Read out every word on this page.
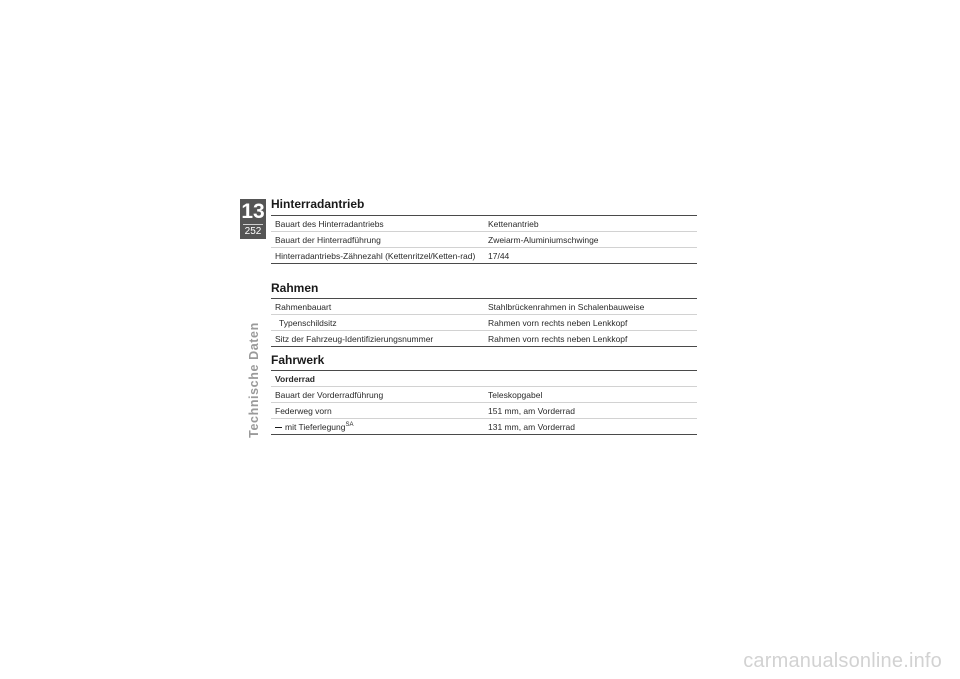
13
252
Technische Daten
Hinterradantrieb
Bauart des Hinterradantriebs	Kettenantrieb
Bauart der Hinterradführung	Zweiarm-Aluminiumschwinge
Hinterradantriebs-Zähnezahl (Kettenritzel/Ketten-rad)	17/44
Rahmen
Rahmenbauart	Stahlbrückenrahmen in Schalenbauweise
Typenschildsitz	Rahmen vorn rechts neben Lenkkopf
Sitz der Fahrzeug-Identifizierungsnummer	Rahmen vorn rechts neben Lenkkopf
Fahrwerk
Vorderrad
Bauart der Vorderradführung	Teleskopgabel
Federweg vorn	151 mm, am Vorderrad
mit Tieferlegung$^{SA}$	131 mm, am Vorderrad
carmanualsonline.info
